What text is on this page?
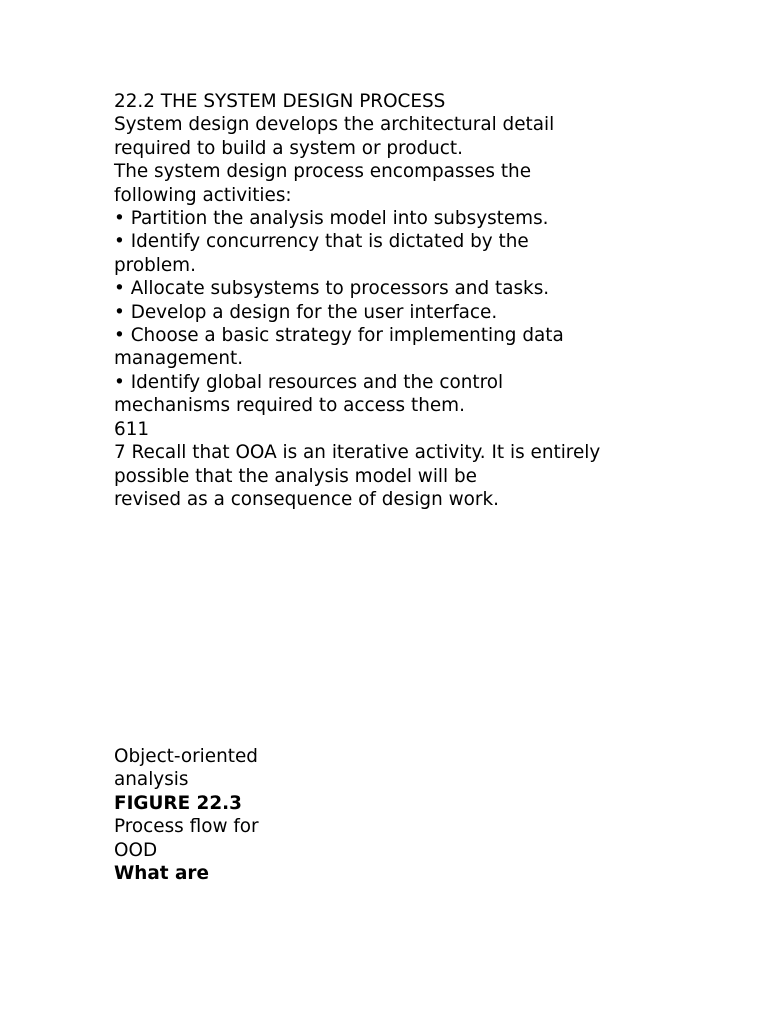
22.2 THE SYSTEM DESIGN PROCESS
System design develops the architectural detail
required to build a system or product.
The system design process encompasses the
following activities:
• Partition the analysis model into subsystems.
• Identify concurrency that is dictated by the
problem.
• Allocate subsystems to processors and tasks.
• Develop a design for the user interface.
• Choose a basic strategy for implementing data
management.
• Identify global resources and the control
mechanisms required to access them.
611
7 Recall that OOA is an iterative activity. It is entirely
possible that the analysis model will be
revised as a consequence of design work.
Object-oriented
analysis
FIGURE 22.3
Process flow for
OOD
What are
